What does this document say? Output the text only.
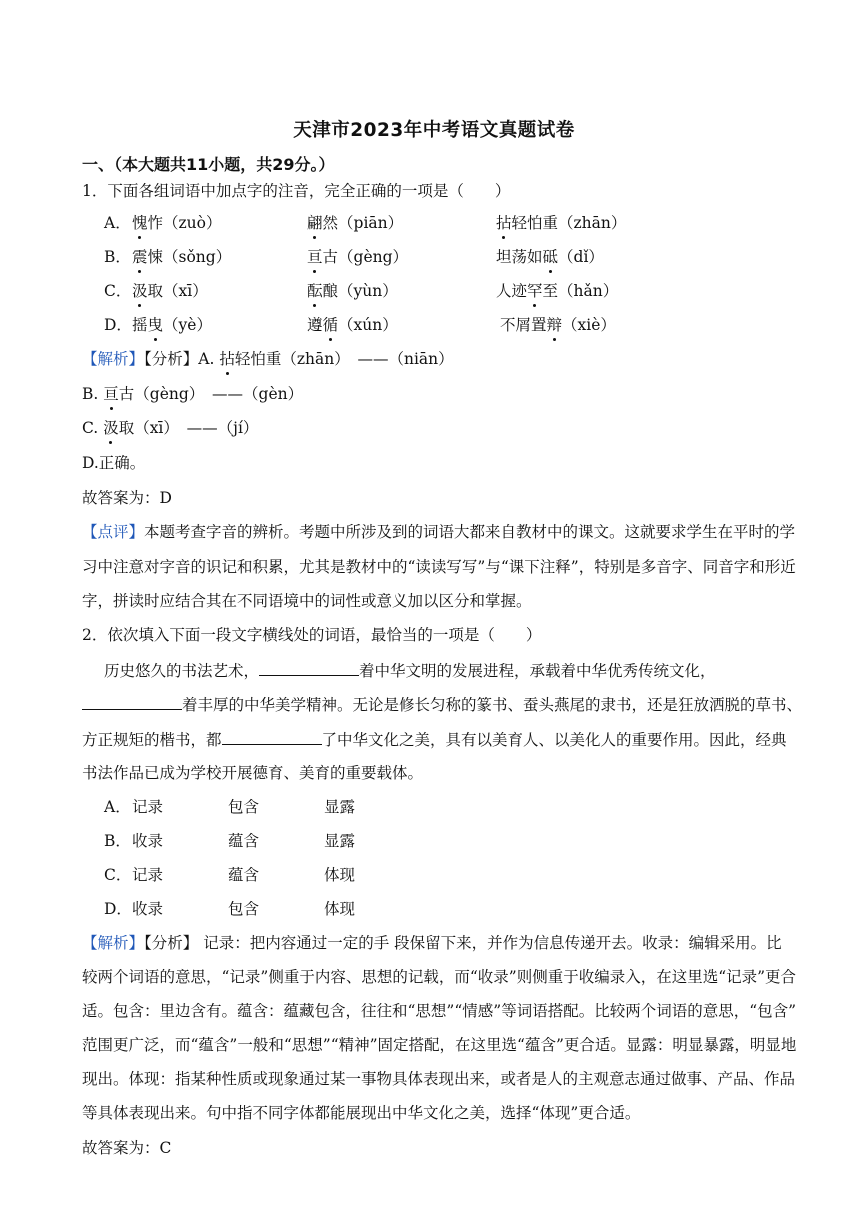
天津市2023年中考语文真题试卷
一、（本大题共11小题，共29分。）
1．下面各组词语中加点字的注音，完全正确的一项是（　　）
A． 愧怍（zuò）	翩然（piān）	拈轻怕重（zhān）
B． 震悚（sǒng）	亘古（gèng）	坦荡如砥（dǐ）
C． 汲取（xī）	酝酿（yùn）	人迹罕至（hǎn）
D． 摇曳（yè）	遵循（xún）	不屑置辩（xiè）
【解析】【分析】A. 拈轻怕重（zhān）　——（niān）
B. 亘古（gèng）　——（gèn）
C. 汲取（xī）　——（jí）
D.正确。
故答案为：D
【点评】本题考查字音的辨析。考题中所涉及到的词语大都来自教材中的课文。这就要求学生在平时的学
习中注意对字音的识记和积累，尤其是教材中的“读读写写”与“课下注释”，特别是多音字、同音字和形近
字，拼读时应结合其在不同语境中的词性或意义加以区分和掌握。
2．依次填入下面一段文字横线处的词语，最恰当的一项是（　　）
历史悠久的书法艺术，	着中华文明的发展进程，承载着中华优秀传统文化，
着丰厚的中华美学精神。无论是修长匀称的篆书、蚕头燕尾的隶书，还是狂放洒脱的草书、
方正规矩的楷书，都	了中华文化之美，具有以美育人、以美化人的重要作用。因此，经典
书法作品已成为学校开展德育、美育的重要载体。
A． 记录	包含	显露
B． 收录	蕴含	显露
C． 记录	蕴含	体现
D． 收录	包含	体现
【解析】【分析】 记录：把内容通过一定的手 段保留下来，并作为信息传递开去。收录：编辑采用。比
较两个词语的意思，“记录”侧重于内容、思想的记载，而“收录”则侧重于收编录入，在这里选“记录”更合
适。包含：里边含有。蕴含：蕴藏包含，往往和“思想”“情感”等词语搭配。比较两个词语的意思，“包含”
范围更广泛，而“蕴含”一般和“思想”“精神”固定搭配，在这里选“蕴含”更合适。显露：明显暴露，明显地
现出。体现：指某种性质或现象通过某一事物具体表现出来，或者是人的主观意志通过做事、产品、作品
等具体表现出来。句中指不同字体都能展现出中华文化之美，选择“体现”更合适。
故答案为：C
